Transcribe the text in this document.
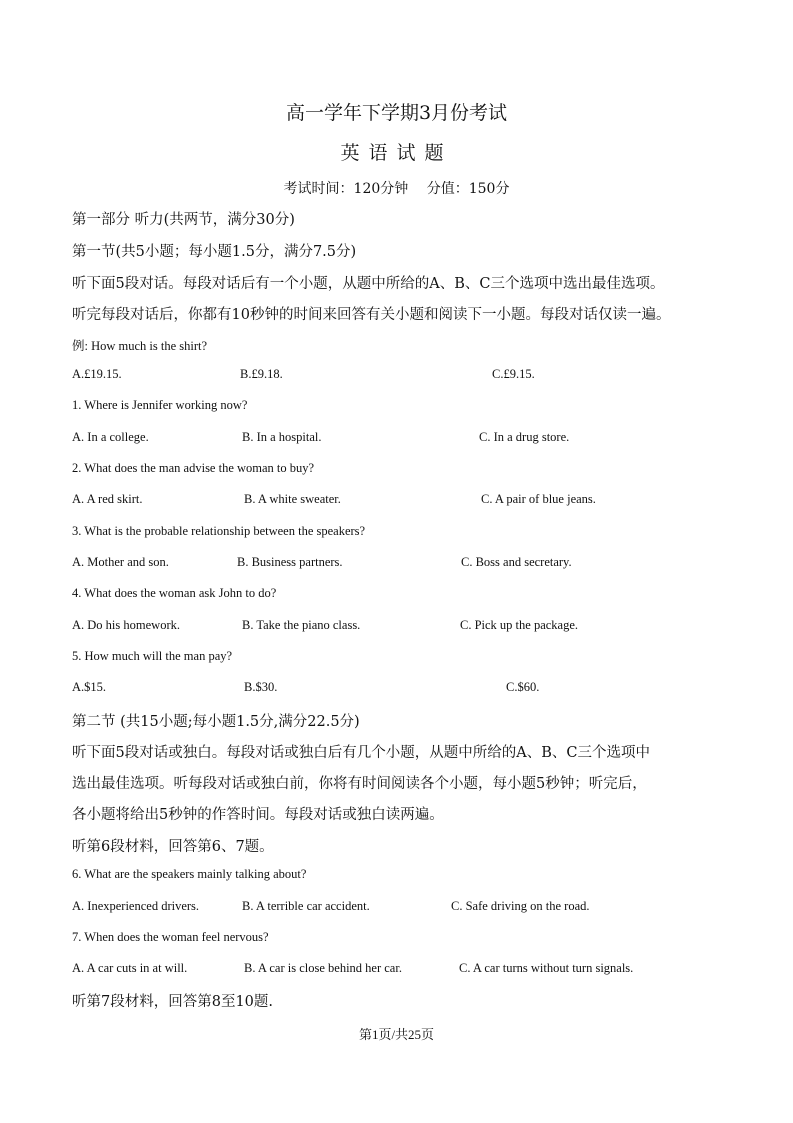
高一学年下学期3月份考试
英语试题
考试时间：120分钟　 分值：150分
第一部分 听力(共两节，满分30分)
第一节(共5小题；每小题1.5分，满分7.5分)
听下面5段对话。每段对话后有一个小题，从题中所给的A、B、C三个选项中选出最佳选项。
听完每段对话后，你都有10秒钟的时间来回答有关小题和阅读下一小题。每段对话仅读一遍。
例: How much is the shirt?
A.£19.15.	B.£9.18.	C.£9.15.
1. Where is Jennifer working now?
A. In a college.	B. In a hospital.	C. In a drug store.
2. What does the man advise the woman to buy?
A. A red skirt.	B. A white sweater.	C. A pair of blue jeans.
3. What is the probable relationship between the speakers?
A. Mother and son.	B. Business partners.	C. Boss and secretary.
4. What does the woman ask John to do?
A. Do his homework.	B. Take the piano class.	C. Pick up the package.
5. How much will the man pay?
A.$15.	B.$30.	C.$60.
第二节 (共15小题;每小题1.5分,满分22.5分)
听下面5段对话或独白。每段对话或独白后有几个小题，从题中所给的A、B、C三个选项中
选出最佳选项。听每段对话或独白前，你将有时间阅读各个小题，每小题5秒钟；听完后，
各小题将给出5秒钟的作答时间。每段对话或独白读两遍。
听第6段材料，回答第6、7题。
6. What are the speakers mainly talking about?
A. Inexperienced drivers.	B. A terrible car accident.	C. Safe driving on the road.
7. When does the woman feel nervous?
A. A car cuts in at will.	B. A car is close behind her car.	C. A car turns without turn signals.
听第7段材料，回答第8至10题.
第1页/共25页
